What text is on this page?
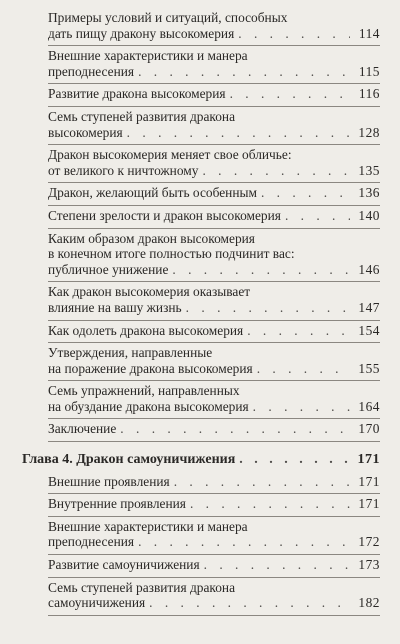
Примеры условий и ситуаций, способных
дать пищу дракону высокомерия . . .	114
Внешние характеристики и манера
преподнесения . . .	115
Развитие дракона высокомерия . . .	116
Семь ступеней развития дракона
высокомерия . . .	128
Дракон высокомерия меняет свое обличье:
от великого к ничтожному . . .	135
Дракон, желающий быть особенным . . .	136
Степени зрелости и дракон высокомерия . . .	140
Каким образом дракон высокомерия
в конечном итоге полностью подчинит вас:
публичное унижение . . .	146
Как дракон высокомерия оказывает
влияние на вашу жизнь . . .	147
Как одолеть дракона высокомерия . . .	154
Утверждения, направленные
на поражение дракона высокомерия . . .	155
Семь упражнений, направленных
на обуздание дракона высокомерия . . .	164
Заключение . . .	170
Глава 4. Дракон самоуничижения . . .	171
Внешние проявления . . .	171
Внутренние проявления . . .	171
Внешние характеристики и манера
преподнесения . . .	172
Развитие самоуничижения . . .	173
Семь ступеней развития дракона
самоуничижения . . .	182
